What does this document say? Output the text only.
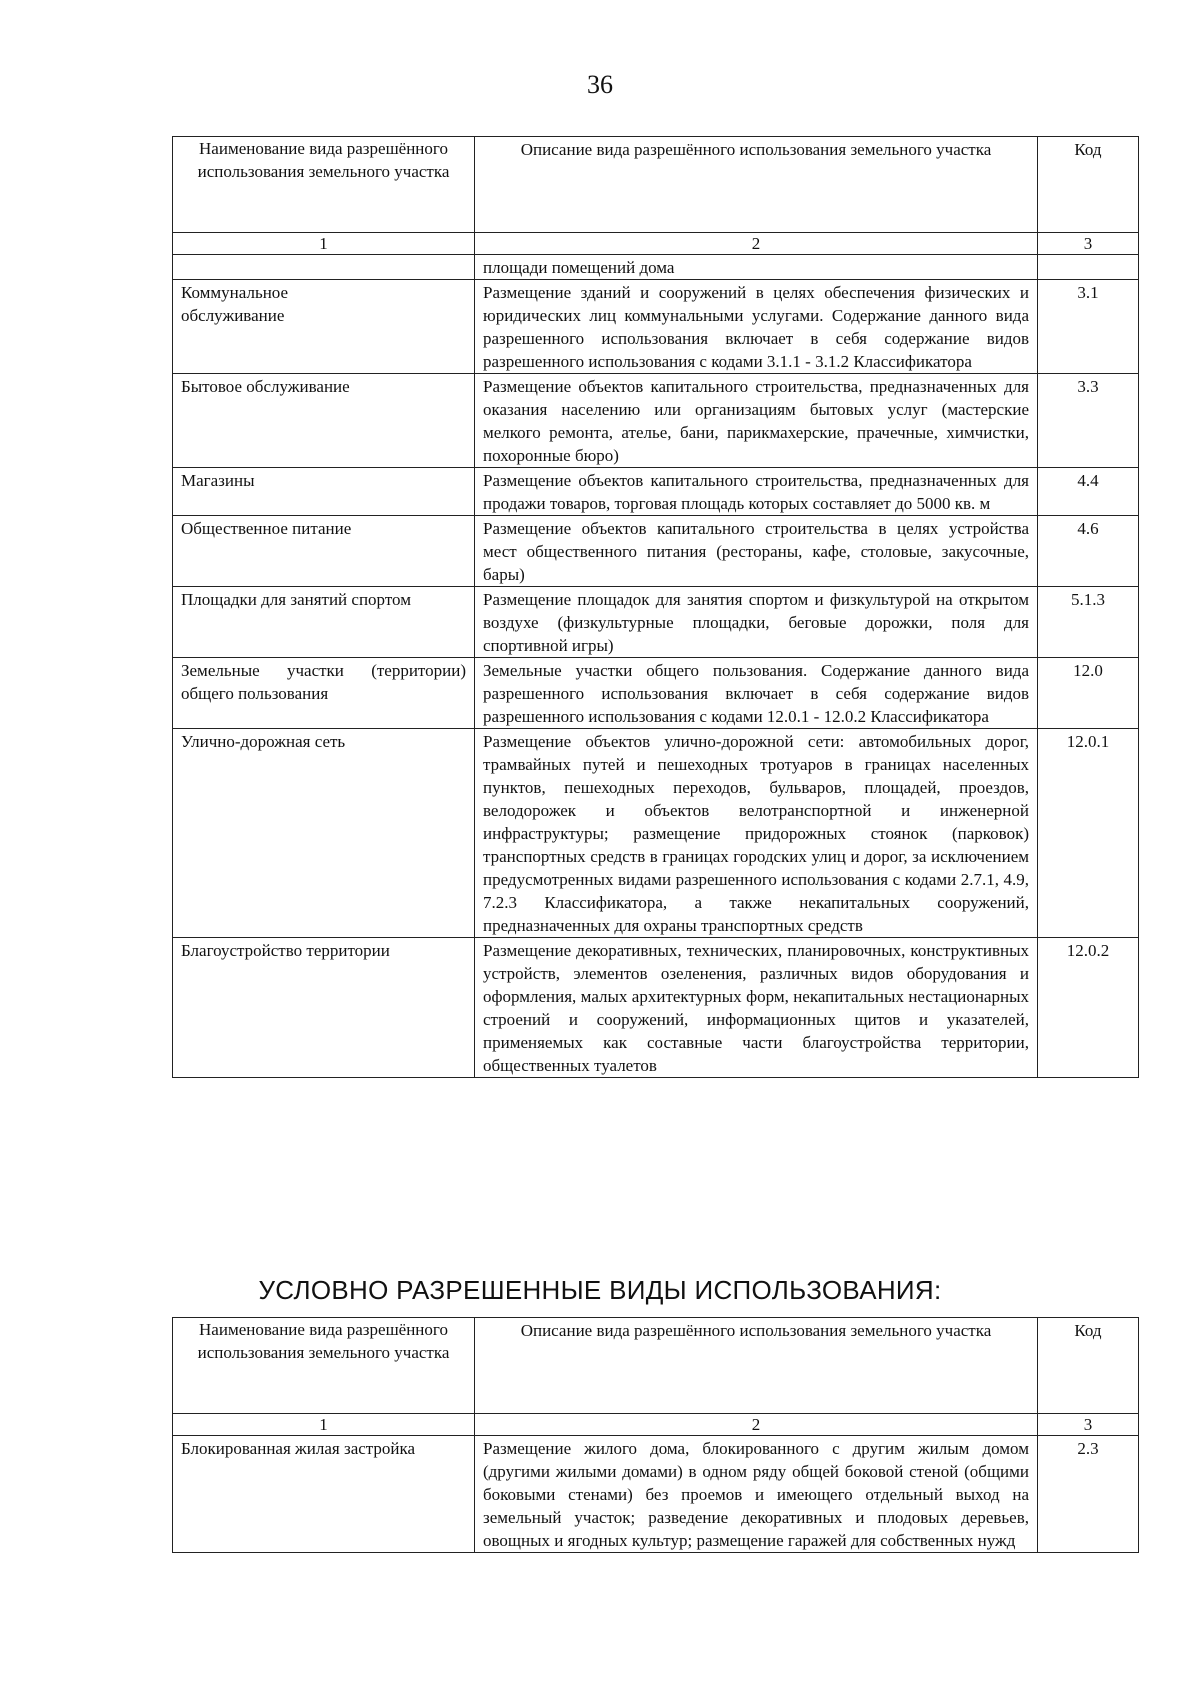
36
Наименование вида разрешённого использования земельного участка	Описание вида разрешённого использования земельного участка	Код
1	2	3
	площади помещений дома	
Коммунальное обслуживание	Размещение зданий и сооружений в целях обеспечения физических и юридических лиц коммунальными услугами. Содержание данного вида разрешенного использования включает в себя содержание видов разрешенного использования с кодами 3.1.1 - 3.1.2 Классификатора	3.1
Бытовое обслуживание	Размещение объектов капитального строительства, предназначенных для оказания населению или организациям бытовых услуг (мастерские мелкого ремонта, ателье, бани, парикмахерские, прачечные, химчистки, похоронные бюро)	3.3
Магазины	Размещение объектов капитального строительства, предназначенных для продажи товаров, торговая площадь которых составляет до 5000 кв. м	4.4
Общественное питание	Размещение объектов капитального строительства в целях устройства мест общественного питания (рестораны, кафе, столовые, закусочные, бары)	4.6
Площадки для занятий спортом	Размещение площадок для занятия спортом и физкультурой на открытом воздухе (физкультурные площадки, беговые дорожки, поля для спортивной игры)	5.1.3
Земельные участки (территории) общего пользования	Земельные участки общего пользования. Содержание данного вида разрешенного использования включает в себя содержание видов разрешенного использования с кодами 12.0.1 - 12.0.2 Классификатора	12.0
Улично-дорожная сеть	Размещение объектов улично-дорожной сети: автомобильных дорог, трамвайных путей и пешеходных тротуаров в границах населенных пунктов, пешеходных переходов, бульваров, площадей, проездов, велодорожек и объектов велотранспортной и инженерной инфраструктуры; размещение придорожных стоянок (парковок) транспортных средств в границах городских улиц и дорог, за исключением предусмотренных видами разрешенного использования с кодами 2.7.1, 4.9, 7.2.3 Классификатора, а также некапитальных сооружений, предназначенных для охраны транспортных средств	12.0.1
Благоустройство территории	Размещение декоративных, технических, планировочных, конструктивных устройств, элементов озеленения, различных видов оборудования и оформления, малых архитектурных форм, некапитальных нестационарных строений и сооружений, информационных щитов и указателей, применяемых как составные части благоустройства территории, общественных туалетов	12.0.2
УСЛОВНО РАЗРЕШЕННЫЕ ВИДЫ ИСПОЛЬЗОВАНИЯ:
Наименование вида разрешённого использования земельного участка	Описание вида разрешённого использования земельного участка	Код
1	2	3
Блокированная жилая застройка	Размещение жилого дома, блокированного с другим жилым домом (другими жилыми домами) в одном ряду общей боковой стеной (общими боковыми стенами) без проемов и имеющего отдельный выход на земельный участок; разведение декоративных и плодовых деревьев, овощных и ягодных культур; размещение гаражей для собственных нужд	2.3
